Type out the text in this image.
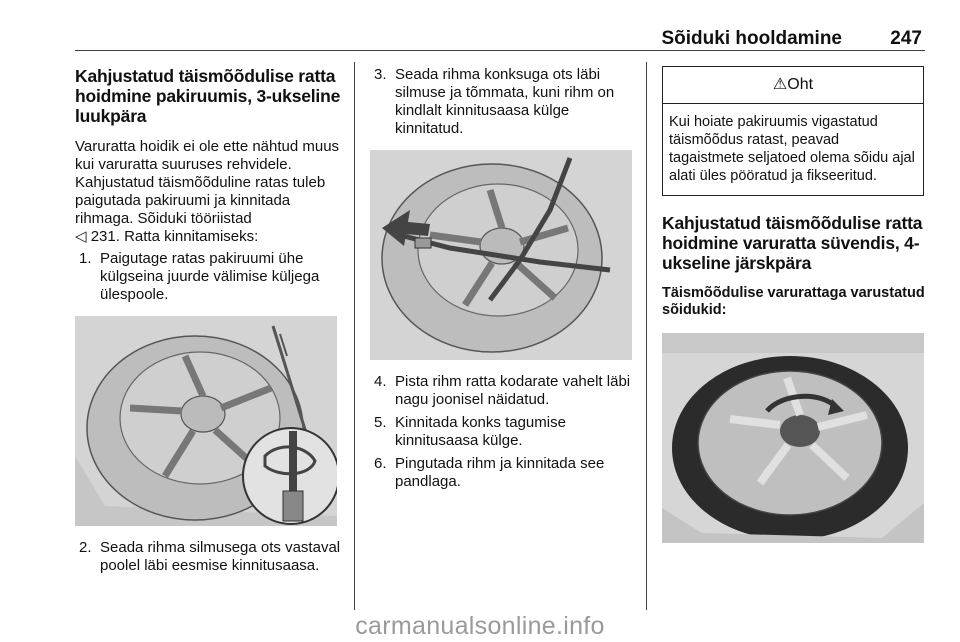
Sõiduki hooldamine	247
Kahjustatud täismõõdulise ratta hoidmine pakiruumis, 3-ukseline luukpära

Varuratta hoidik ei ole ette nähtud muus kui varuratta suuruses rehvidele. Kahjustatud täismõõduline ratas tuleb paigutada pakiruumi ja kinnitada rihmaga. Sõiduki tööriistad
◁ 231. Ratta kinnitamiseks:

1. Paigutage ratas pakiruumi ühe külgseina juurde välimise küljega ülespoole.
2. Seada rihma silmusega ots vastaval poolel läbi eesmise kinnitusaasa.
3. Seada rihma konksuga ots läbi silmuse ja tõmmata, kuni rihm on kindlalt kinnitusaasa külge kinnitatud.
4. Pista rihm ratta kodarate vahelt läbi nagu joonisel näidatud.
5. Kinnitada konks tagumise kinnitusaasa külge.
6. Pingutada rihm ja kinnitada see pandlaga.
⚠Oht
Kui hoiate pakiruumis vigastatud täismõõdus ratast, peavad tagaistmete seljatoed olema sõidu ajal alati üles pööratud ja fikseeritud.
Kahjustatud täismõõdulise ratta hoidmine varuratta süvendis, 4-ukseline järskpära

Täismõõdulise varurattaga varustatud sõidukid:

carmanualsonline.info
